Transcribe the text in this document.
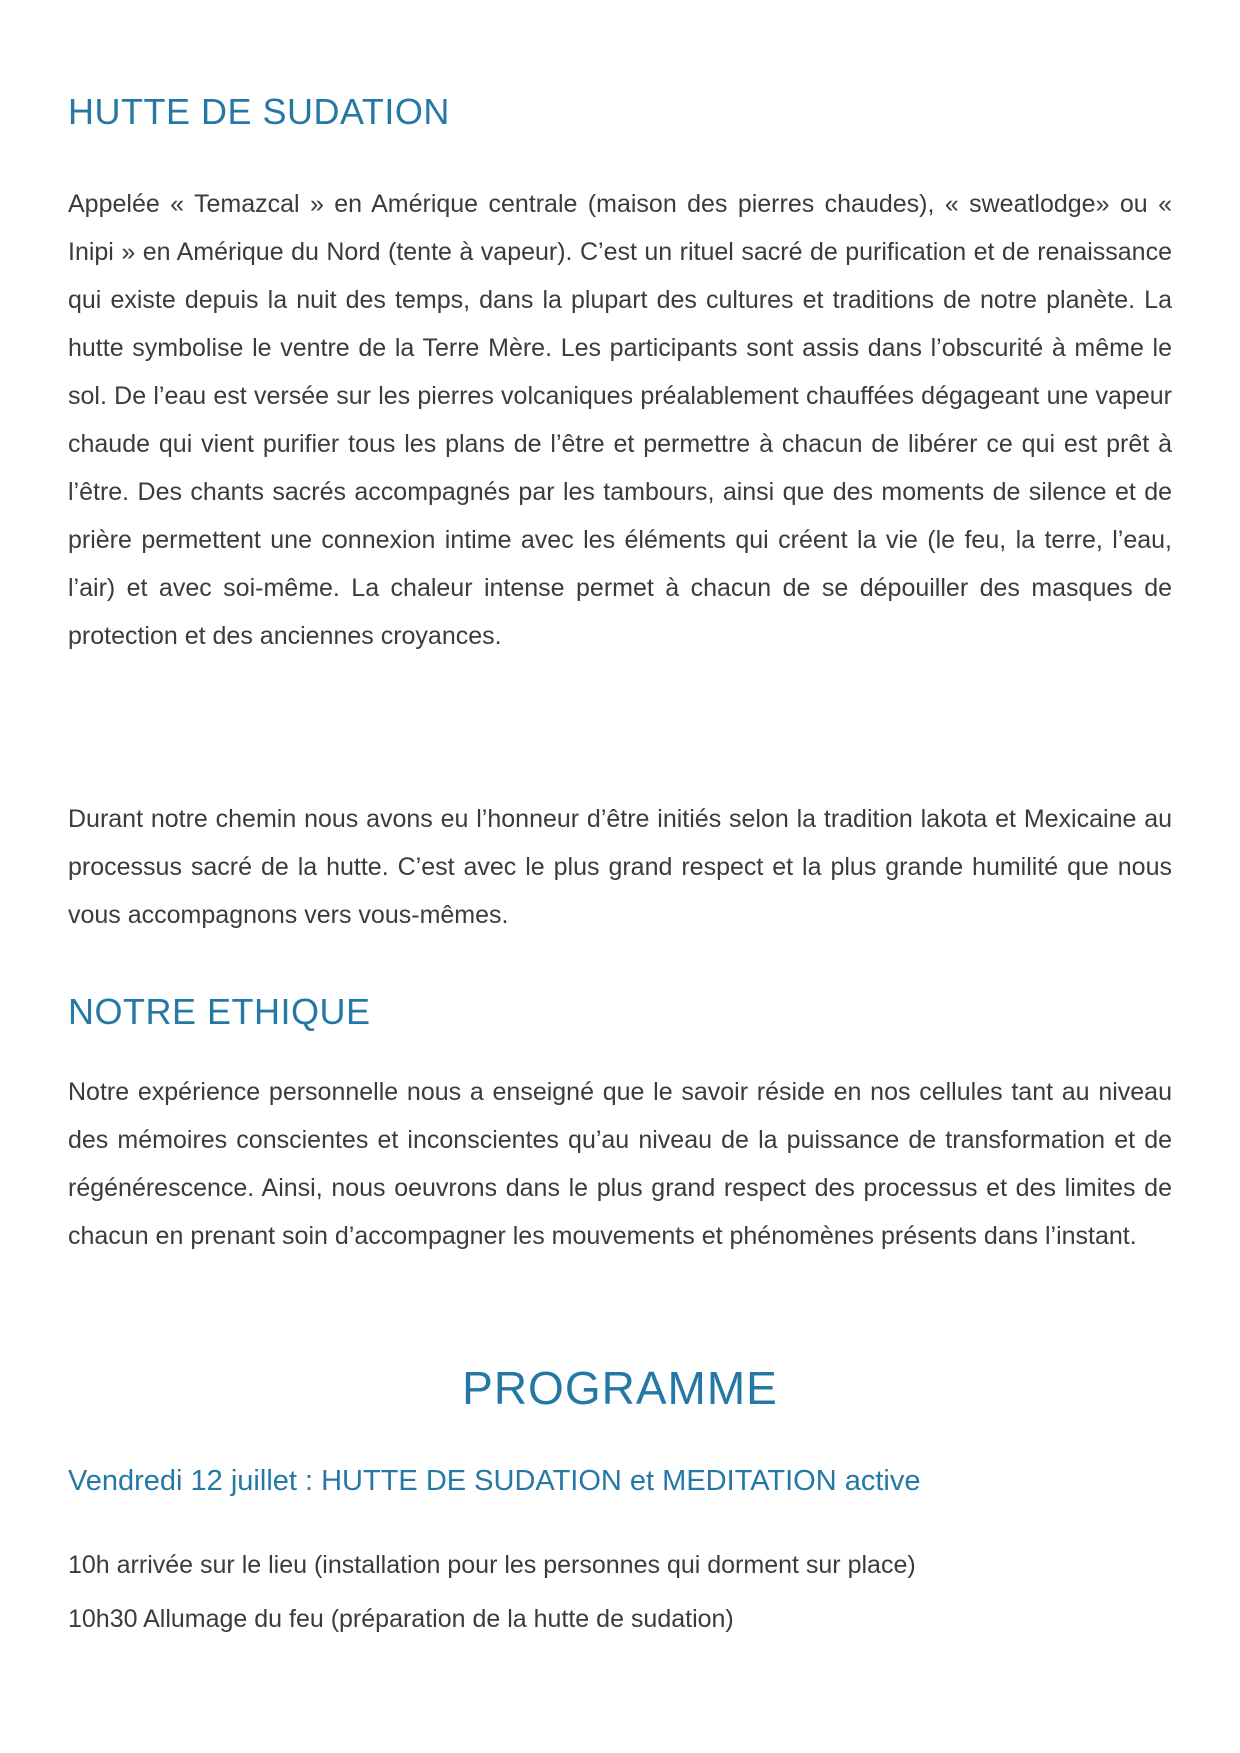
HUTTE DE SUDATION

Appelée « Temazcal » en Amérique centrale (maison des pierres chaudes), « sweatlodge» ou « Inipi » en Amérique du Nord (tente à vapeur). C’est un rituel sacré de purification et de renaissance qui existe depuis la nuit des temps, dans la plupart des cultures et traditions de notre planète. La hutte symbolise le ventre de la Terre Mère. Les participants sont assis dans l’obscurité à même le sol. De l’eau est versée sur les pierres volcaniques préalablement chauffées dégageant une vapeur chaude qui vient purifier tous les plans de l’être et permettre à chacun de libérer ce qui est prêt à l’être. Des chants sacrés accompagnés par les tambours, ainsi que des moments de silence et de prière permettent une connexion intime avec les éléments qui créent la vie (le feu, la terre, l’eau, l’air) et avec soi-même. La chaleur intense permet à chacun de se dépouiller des masques de protection et des anciennes croyances.

Durant notre chemin nous avons eu l’honneur d’être initiés selon la tradition lakota et Mexicaine au processus sacré de la hutte. C’est avec le plus grand respect et la plus grande humilité que nous vous accompagnons vers vous-mêmes.

NOTRE ETHIQUE

Notre expérience personnelle nous a enseigné que le savoir réside en nos cellules tant au niveau des mémoires conscientes et inconscientes qu’au niveau de la puissance de transformation et de régénérescence. Ainsi, nous oeuvrons dans le plus grand respect des processus et des limites de chacun en prenant soin d’accompagner les mouvements et phénomènes présents dans l’instant.

PROGRAMME
Vendredi 12 juillet : HUTTE DE SUDATION et MEDITATION active

10h arrivée sur le lieu (installation pour les personnes qui dorment sur place)

10h30 Allumage du feu (préparation de la hutte de sudation)
